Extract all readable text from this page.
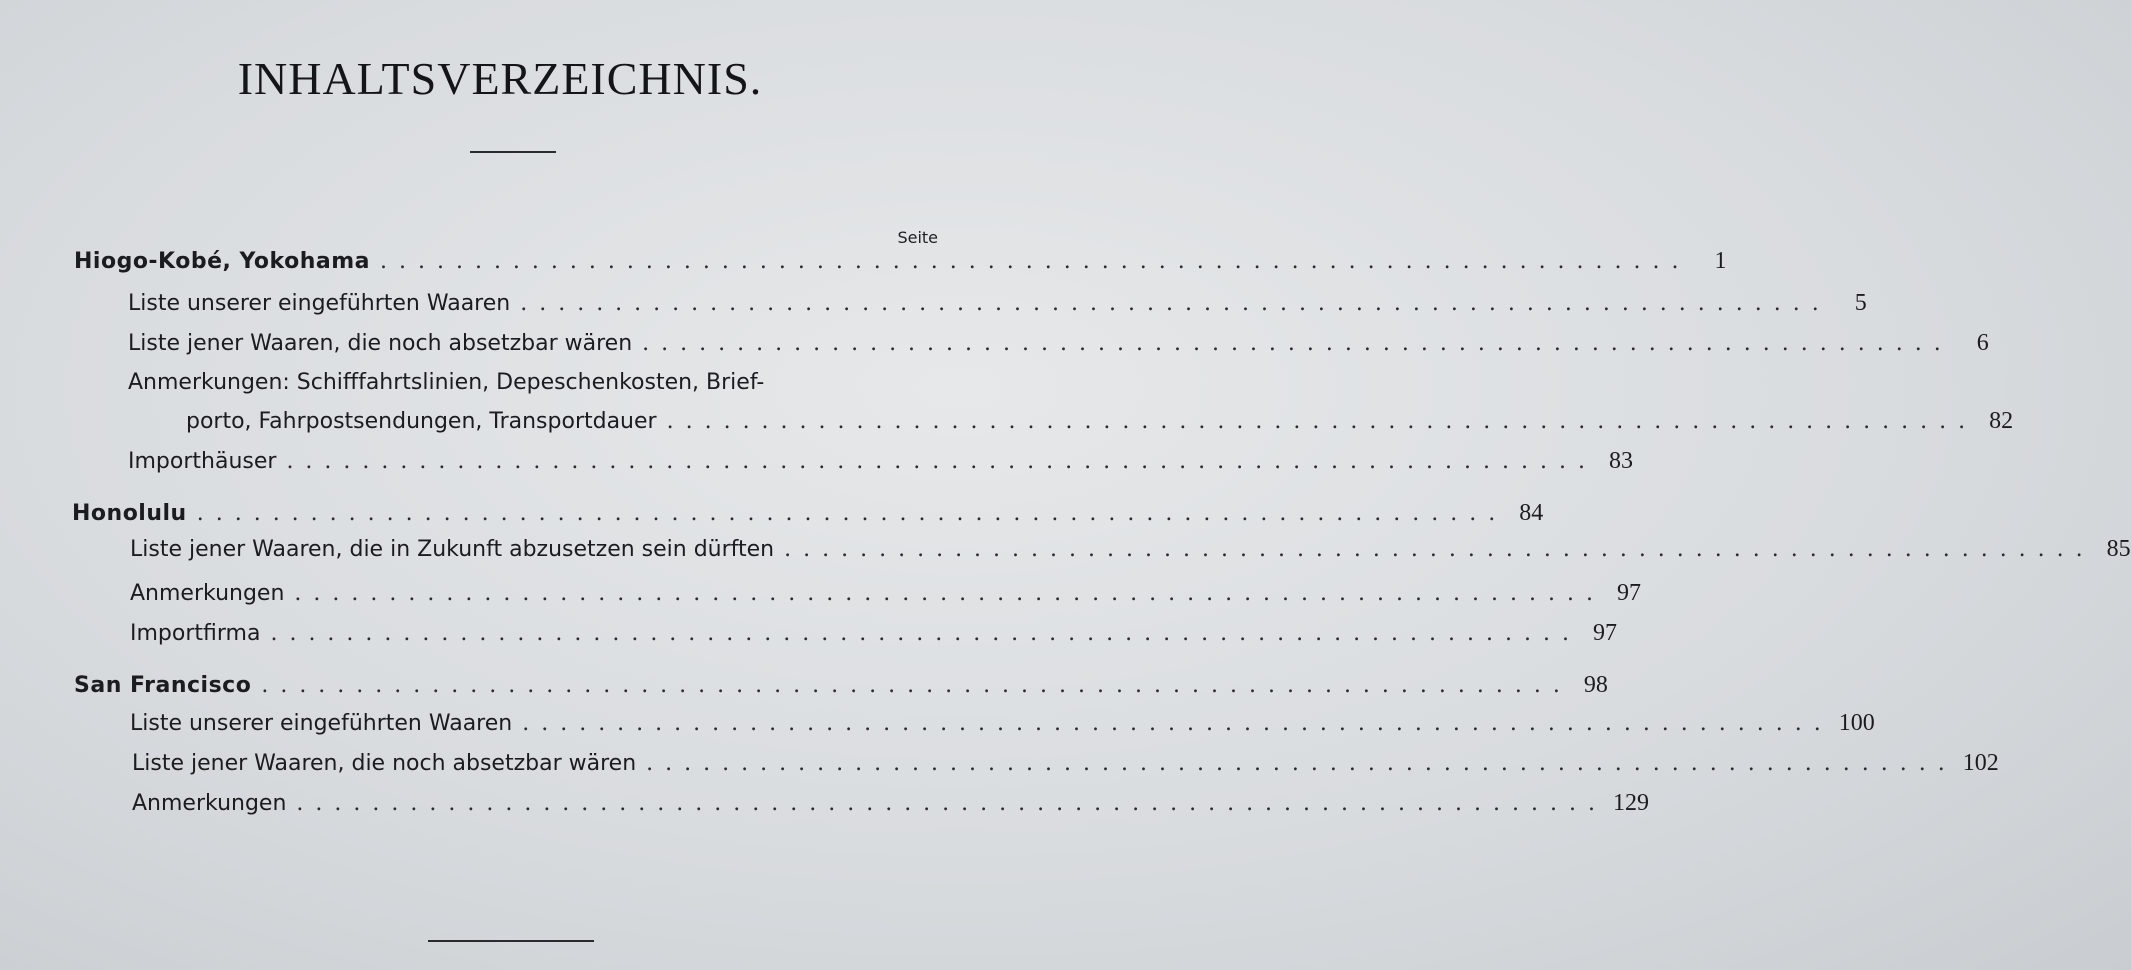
INHALTSVERZEICHNIS.
Seite
Hiogo-Kobé, Yokohama .....................................................................	1
Liste unserer eingeführten Waaren .....................................................................	5
Liste jener Waaren, die noch absetzbar wären .....................................................................	6
Anmerkungen: Schifffahrtslinien, Depeschenkosten, Brief-
porto, Fahrpostsendungen, Transportdauer ..................................................................... 82
Importhäuser ..................................................................... 83
Honolulu ..................................................................... 84
Liste jener Waaren, die in Zukunft abzusetzen sein dürften ..................................................................... 85
Anmerkungen ..................................................................... 97
Importfirma ..................................................................... 97
San Francisco ..................................................................... 98
Liste unserer eingeführten Waaren ..................................................................... 100
Liste jener Waaren, die noch absetzbar wären ..................................................................... 102
Anmerkungen ..................................................................... 129
